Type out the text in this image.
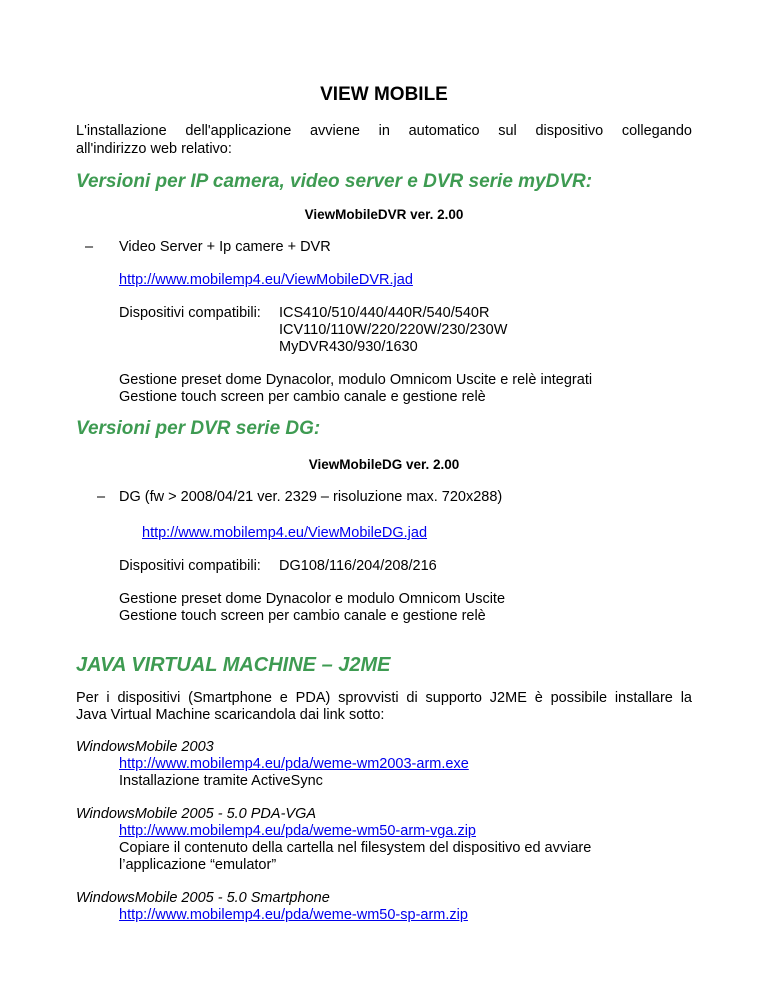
VIEW MOBILE
L'installazione dell'applicazione avviene in automatico sul dispositivo collegando
all'indirizzo web relativo:
Versioni per IP camera, video server e DVR serie myDVR:
ViewMobileDVR ver. 2.00
– Video Server + Ip camere + DVR
http://www.mobilemp4.eu/ViewMobileDVR.jad
Dispositivi compatibili: ICS410/510/440/440R/540/540R
ICV110/110W/220/220W/230/230W
MyDVR430/930/1630
Gestione preset dome Dynacolor, modulo Omnicom Uscite e relè integrati
Gestione touch screen per cambio canale e gestione relè
Versioni per DVR serie DG:
ViewMobileDG ver. 2.00
– DG (fw > 2008/04/21 ver. 2329 – risoluzione max. 720x288)
http://www.mobilemp4.eu/ViewMobileDG.jad
Dispositivi compatibili: DG108/116/204/208/216
Gestione preset dome Dynacolor e modulo Omnicom Uscite
Gestione touch screen per cambio canale e gestione relè
JAVA VIRTUAL MACHINE – J2ME
Per i dispositivi (Smartphone e PDA) sprovvisti di supporto J2ME è possibile installare la
Java Virtual Machine scaricandola dai link sotto:
WindowsMobile 2003
http://www.mobilemp4.eu/pda/weme-wm2003-arm.exe
Installazione tramite ActiveSync
WindowsMobile 2005 - 5.0 PDA-VGA
http://www.mobilemp4.eu/pda/weme-wm50-arm-vga.zip
Copiare il contenuto della cartella nel filesystem del dispositivo ed avviare
l’applicazione “emulator”
WindowsMobile 2005 - 5.0 Smartphone
http://www.mobilemp4.eu/pda/weme-wm50-sp-arm.zip
